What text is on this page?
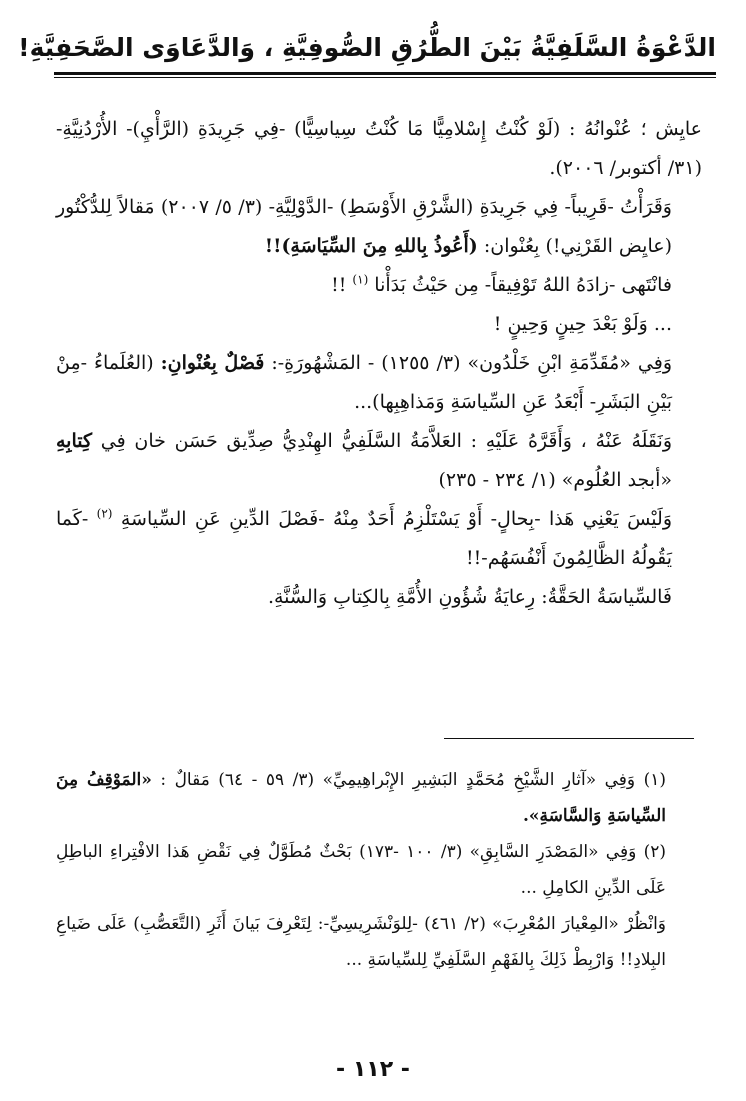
الدَّعْوَةُ السَّلَفِيَّةُ بَيْنَ الطُّرُقِ الصُّوفِيَّةِ ، وَالدَّعَاوَى الصَّحَفِيَّةِ!

عايِش ؛ عُنْوانُهُ : (لَوْ كُنْتُ إِسْلامِيًّا مَا كُنْتُ سِياسِيًّا) -فِي جَرِيدَةِ (الرَّأْيِ)- الأُرْدُنِيَّةِ- (٣١/ أكتوبر/ ٢٠٠٦).

وَقَرَأْتُ -قَرِيباً- فِي جَرِيدَةِ (الشَّرْقِ الأَوْسَطِ) -الدَّوْلِيَّةِ- (٣/ ٥/ ٢٠٠٧) مَقالاً لِلدُّكْتُور (عايِض القَرْنِي!) بِعُنْوان: (أَعُوذُ بِاللهِ مِنَ السِّيَاسَةِ)!!

فانْتَهى -زادَهُ اللهُ تَوْفِيقاً- مِن حَيْثُ بَدَأْنا $^{(١)}$ !!

... وَلَوْ بَعْدَ حِينٍ وَحِينٍ !

وَفِي «مُقَدِّمَةِ ابْنِ خَلْدُون» (٣/ ١٢٥٥) - المَشْهُورَةِ-: فَصْلٌ بِعُنْوانِ: (العُلَماءُ -مِنْ بَيْنِ البَشَرِ- أَبْعَدُ عَنِ السِّياسَةِ وَمَذاهِبِها)...

وَنَقَلَهُ عَنْهُ ، وَأَقَرَّهُ عَلَيْهِ : العَلاَّمَةُ السَّلَفِيُّ الهِنْدِيُّ صِدِّيق حَسَن خان فِي كِتابِهِ «أبجد العُلُوم» (١/ ٢٣٤ - ٢٣٥)

وَلَيْسَ يَعْنِي هَذا -بِحالٍ- أَوْ يَسْتَلْزِمُ أَحَدٌ مِنْهُ -فَصْلَ الدِّينِ عَنِ السِّياسَةِ $^{(٢)}$ -كَما يَقُولُهُ الظَّالِمُونَ أَنْفُسَهُم-!!

فَالسِّياسَةُ الحَقَّةُ: رِعايَةُ شُؤُونِ الأُمَّةِ بِالكِتابِ وَالسُّنَّةِ.

(١) وَفِي «آثارِ الشَّيْخِ مُحَمَّدٍ البَشِيرِ الإِبْراهِيمِيِّ» (٣/ ٥٩ - ٦٤) مَقالٌ : «المَوْقِفُ مِنَ السِّياسَةِ وَالسَّاسَةِ».

(٢) وَفِي «المَصْدَرِ السَّابِقِ» (٣/ ١٠٠ -١٧٣) بَحْثٌ مُطَوَّلٌ فِي نَقْضِ هَذا الافْتِراءِ الباطِلِ عَلَى الدِّينِ الكامِلِ ...

وَانْظُرْ «المِعْيارَ المُعْرِبَ» (٢/ ٤٦١) -لِلوَنْشَرِيسِيِّ-: لِتَعْرِفَ بَيانَ أَثَرِ (التَّعَصُّبِ) عَلَى ضَياعِ البِلادِ!! وَارْبِطْ ذَلِكَ بِالفَهْمِ السَّلَفِيِّ لِلسِّياسَةِ ...

- ١١٢ -
